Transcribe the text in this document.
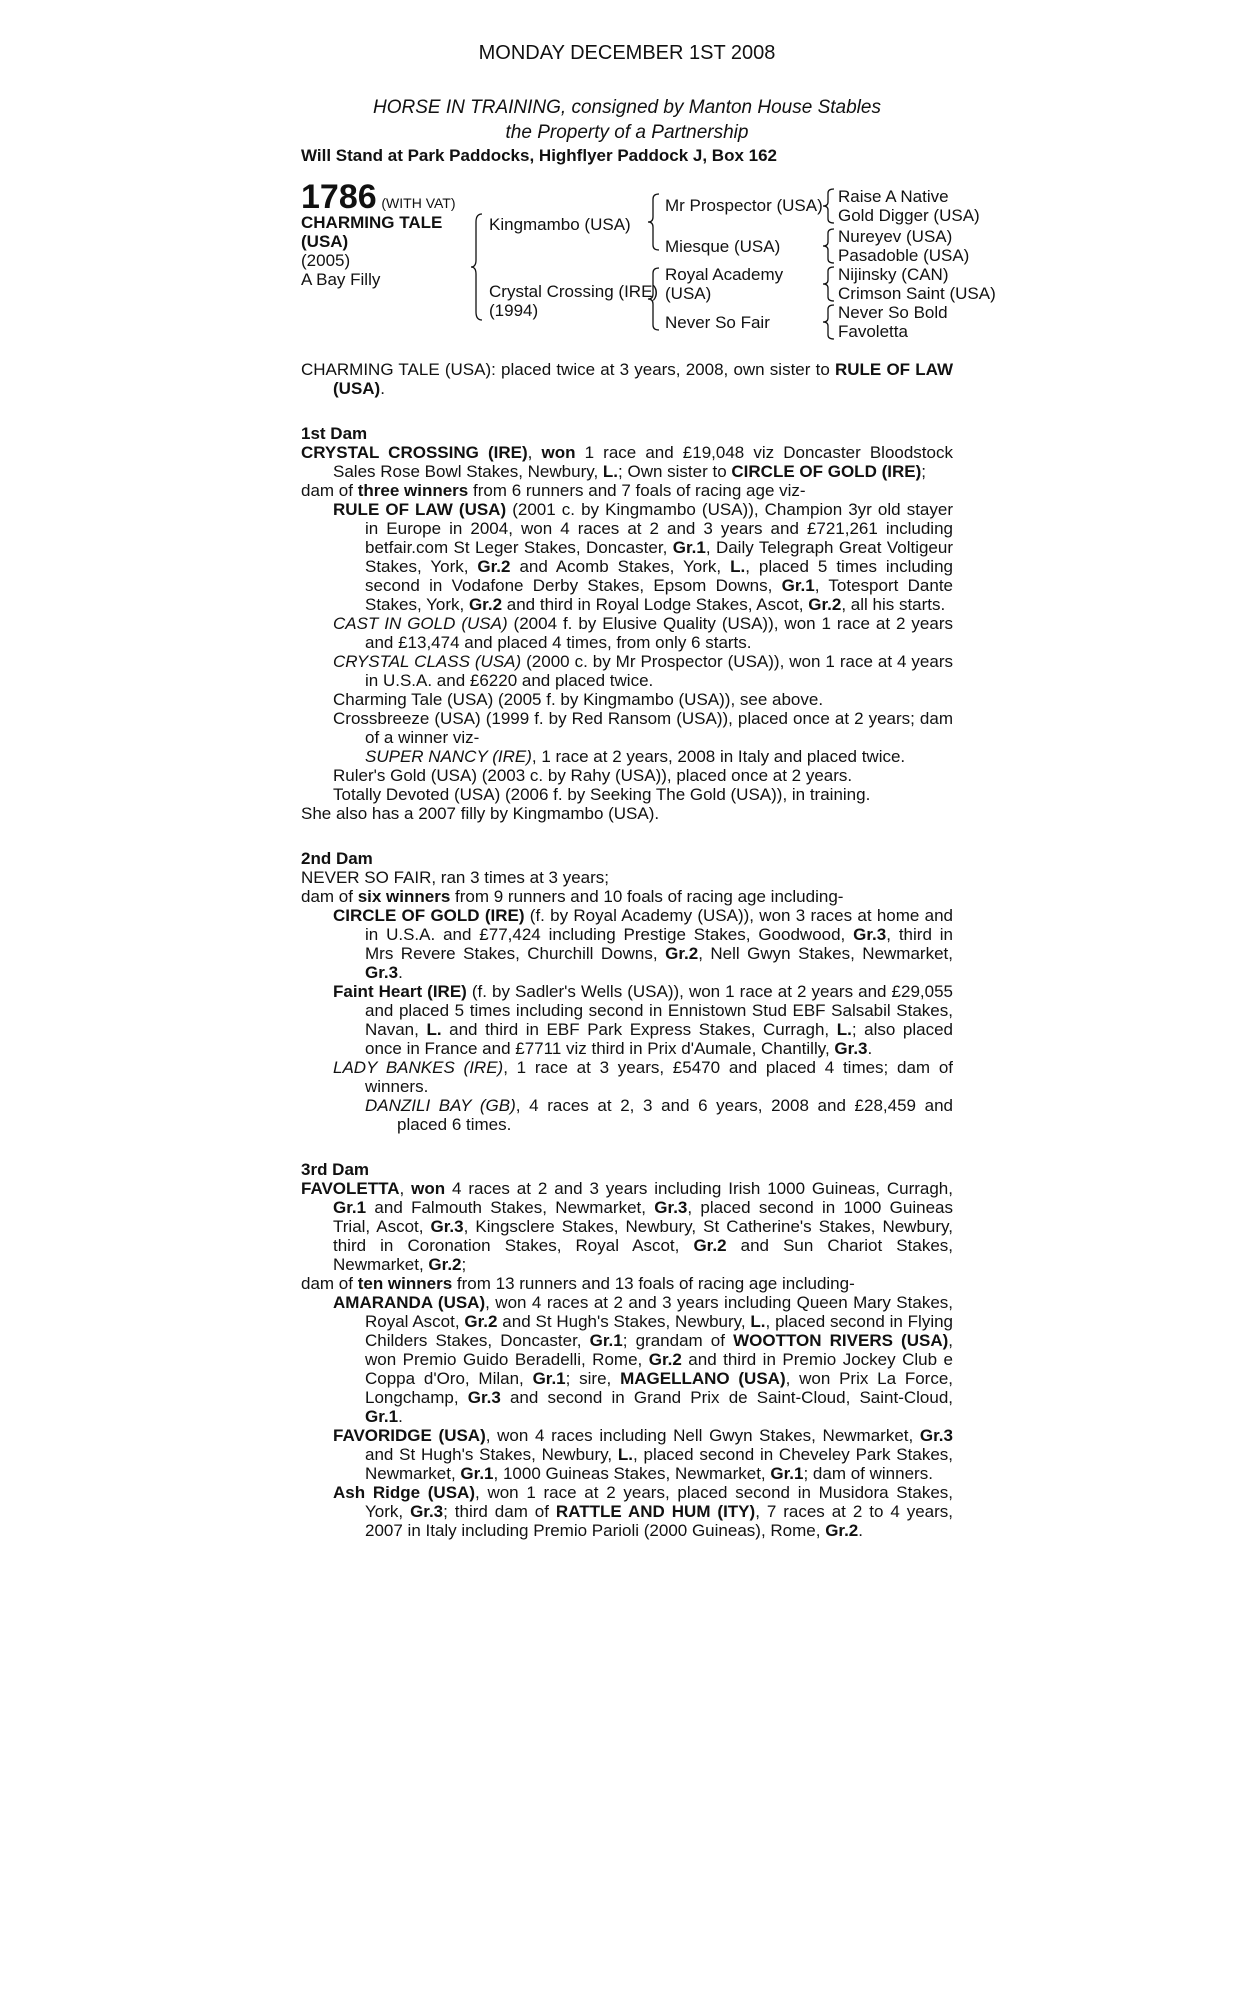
MONDAY DECEMBER 1ST 2008
HORSE IN TRAINING, consigned by Manton House Stables
the Property of a Partnership
Will Stand at Park Paddocks, Highflyer Paddock J, Box 162
1786 (WITH VAT)
CHARMING TALE
(USA)
(2005)
A Bay Filly
Kingmambo (USA)
Crystal Crossing (IRE)
(1994)
Mr Prospector (USA)
Miesque (USA)
Royal Academy
(USA)
Never So Fair
Raise A Native
Gold Digger (USA)
Nureyev (USA)
Pasadoble (USA)
Nijinsky (CAN)
Crimson Saint (USA)
Never So Bold
Favoletta
CHARMING TALE (USA): placed twice at 3 years, 2008, own sister to RULE OF LAW (USA).
1st Dam
CRYSTAL CROSSING (IRE), won 1 race and £19,048 viz Doncaster Bloodstock Sales Rose Bowl Stakes, Newbury, L.; Own sister to CIRCLE OF GOLD (IRE);
dam of three winners from 6 runners and 7 foals of racing age viz-
RULE OF LAW (USA) (2001 c. by Kingmambo (USA)), Champion 3yr old stayer in Europe in 2004, won 4 races at 2 and 3 years and £721,261 including betfair.com St Leger Stakes, Doncaster, Gr.1, Daily Telegraph Great Voltigeur Stakes, York, Gr.2 and Acomb Stakes, York, L., placed 5 times including second in Vodafone Derby Stakes, Epsom Downs, Gr.1, Totesport Dante Stakes, York, Gr.2 and third in Royal Lodge Stakes, Ascot, Gr.2, all his starts.
CAST IN GOLD (USA) (2004 f. by Elusive Quality (USA)), won 1 race at 2 years and £13,474 and placed 4 times, from only 6 starts.
CRYSTAL CLASS (USA) (2000 c. by Mr Prospector (USA)), won 1 race at 4 years in U.S.A. and £6220 and placed twice.
Charming Tale (USA) (2005 f. by Kingmambo (USA)), see above.
Crossbreeze (USA) (1999 f. by Red Ransom (USA)), placed once at 2 years; dam of a winner viz-
SUPER NANCY (IRE), 1 race at 2 years, 2008 in Italy and placed twice.
Ruler's Gold (USA) (2003 c. by Rahy (USA)), placed once at 2 years.
Totally Devoted (USA) (2006 f. by Seeking The Gold (USA)), in training.
She also has a 2007 filly by Kingmambo (USA).
2nd Dam
NEVER SO FAIR, ran 3 times at 3 years;
dam of six winners from 9 runners and 10 foals of racing age including-
CIRCLE OF GOLD (IRE) (f. by Royal Academy (USA)), won 3 races at home and in U.S.A. and £77,424 including Prestige Stakes, Goodwood, Gr.3, third in Mrs Revere Stakes, Churchill Downs, Gr.2, Nell Gwyn Stakes, Newmarket, Gr.3.
Faint Heart (IRE) (f. by Sadler's Wells (USA)), won 1 race at 2 years and £29,055 and placed 5 times including second in Ennistown Stud EBF Salsabil Stakes, Navan, L. and third in EBF Park Express Stakes, Curragh, L.; also placed once in France and £7711 viz third in Prix d'Aumale, Chantilly, Gr.3.
LADY BANKES (IRE), 1 race at 3 years, £5470 and placed 4 times; dam of winners.
DANZILI BAY (GB), 4 races at 2, 3 and 6 years, 2008 and £28,459 and placed 6 times.
3rd Dam
FAVOLETTA, won 4 races at 2 and 3 years including Irish 1000 Guineas, Curragh, Gr.1 and Falmouth Stakes, Newmarket, Gr.3, placed second in 1000 Guineas Trial, Ascot, Gr.3, Kingsclere Stakes, Newbury, St Catherine's Stakes, Newbury, third in Coronation Stakes, Royal Ascot, Gr.2 and Sun Chariot Stakes, Newmarket, Gr.2;
dam of ten winners from 13 runners and 13 foals of racing age including-
AMARANDA (USA), won 4 races at 2 and 3 years including Queen Mary Stakes, Royal Ascot, Gr.2 and St Hugh's Stakes, Newbury, L., placed second in Flying Childers Stakes, Doncaster, Gr.1; grandam of WOOTTON RIVERS (USA), won Premio Guido Beradelli, Rome, Gr.2 and third in Premio Jockey Club e Coppa d'Oro, Milan, Gr.1; sire, MAGELLANO (USA), won Prix La Force, Longchamp, Gr.3 and second in Grand Prix de Saint-Cloud, Saint-Cloud, Gr.1.
FAVORIDGE (USA), won 4 races including Nell Gwyn Stakes, Newmarket, Gr.3 and St Hugh's Stakes, Newbury, L., placed second in Cheveley Park Stakes, Newmarket, Gr.1, 1000 Guineas Stakes, Newmarket, Gr.1; dam of winners.
Ash Ridge (USA), won 1 race at 2 years, placed second in Musidora Stakes, York, Gr.3; third dam of RATTLE AND HUM (ITY), 7 races at 2 to 4 years, 2007 in Italy including Premio Parioli (2000 Guineas), Rome, Gr.2.
